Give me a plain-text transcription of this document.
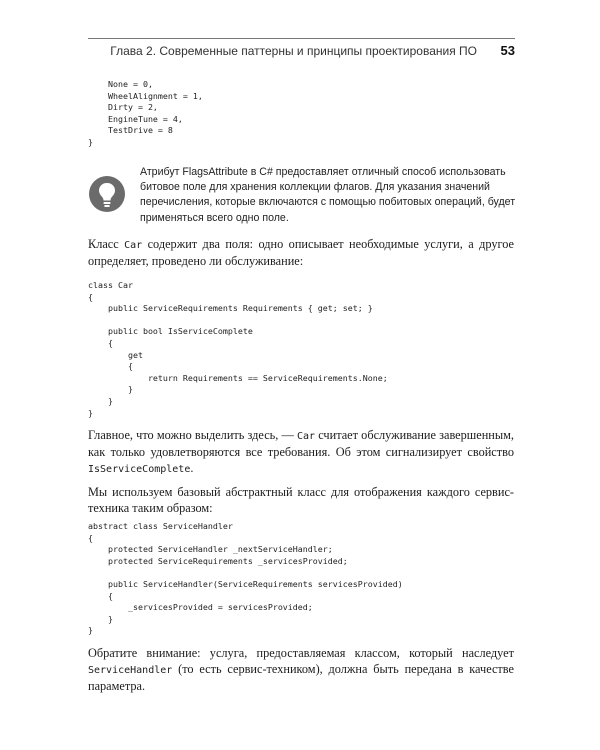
Глава 2. Современные паттерны и принципы проектирования ПО 53
None = 0,
WheelAlignment = 1,
Dirty = 2,
EngineTune = 4,
TestDrive = 8
}
Атрибут FlagsAttribute в C# предоставляет отличный способ использовать битовое поле для хранения коллекции флагов. Для указания значений перечисления, которые включаются с помощью побитовых операций, будет применяться всего одно поле.

Класс Car содержит два поля: одно описывает необходимые услуги, а другое определяет, проведено ли обслуживание:

class Car
{
public ServiceRequirements Requirements { get; set; }
public bool IsServiceComplete
{
get
{
return Requirements == ServiceRequirements.None;
}
}
}

Главное, что можно выделить здесь, — Car считает обслуживание завершенным, как только удовлетворяются все требования. Об этом сигнализирует свойство IsServiceComplete.

Мы используем базовый абстрактный класс для отображения каждого сервис-техника таким образом:

abstract class ServiceHandler
{
protected ServiceHandler _nextServiceHandler;
protected ServiceRequirements _servicesProvided;
public ServiceHandler(ServiceRequirements servicesProvided)
{
_servicesProvided = servicesProvided;
}
}

Обратите внимание: услуга, предоставляемая классом, который наследует ServiceHandler (то есть сервис-техником), должна быть передана в качестве параметра.
